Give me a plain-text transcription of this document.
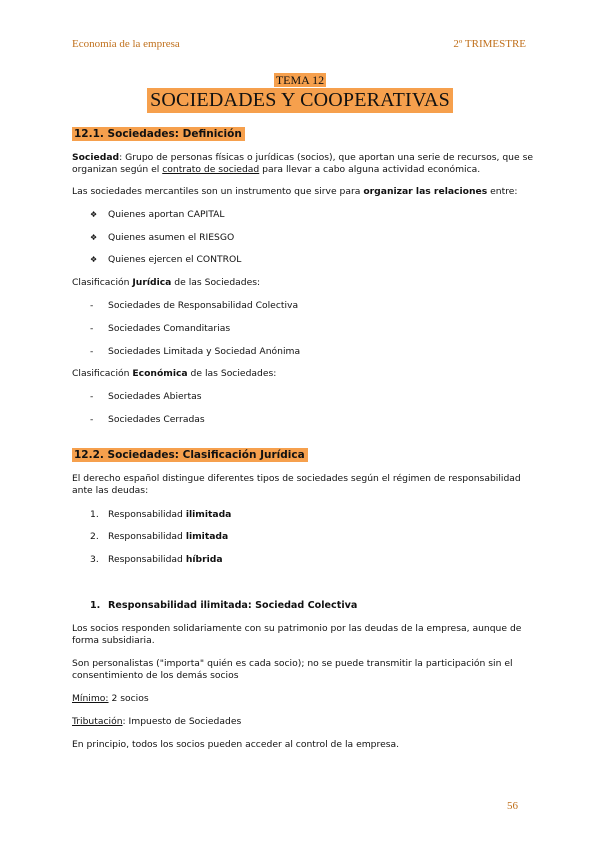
Economía de la empresa	2º TRIMESTRE
TEMA 12
SOCIEDADES Y COOPERATIVAS
12.1. Sociedades: Definición
Sociedad: Grupo de personas físicas o jurídicas (socios), que aportan una serie de recursos, que se organizan según el contrato de sociedad para llevar a cabo alguna actividad económica.
Las sociedades mercantiles son un instrumento que sirve para organizar las relaciones entre:
❖ Quienes aportan CAPITAL
❖ Quienes asumen el RIESGO
❖ Quienes ejercen el CONTROL
Clasificación Jurídica de las Sociedades:
- Sociedades de Responsabilidad Colectiva
- Sociedades Comanditarias
- Sociedades Limitada y Sociedad Anónima
Clasificación Económica de las Sociedades:
- Sociedades Abiertas
- Sociedades Cerradas
12.2. Sociedades: Clasificación Jurídica
El derecho español distingue diferentes tipos de sociedades según el régimen de responsabilidad ante las deudas:
1. Responsabilidad ilimitada
2. Responsabilidad limitada
3. Responsabilidad híbrida
1. Responsabilidad ilimitada: Sociedad Colectiva
Los socios responden solidariamente con su patrimonio por las deudas de la empresa, aunque de forma subsidiaria.
Son personalistas ("importa" quién es cada socio); no se puede transmitir la participación sin el consentimiento de los demás socios
Mínimo: 2 socios
Tributación: Impuesto de Sociedades
En principio, todos los socios pueden acceder al control de la empresa.
56
